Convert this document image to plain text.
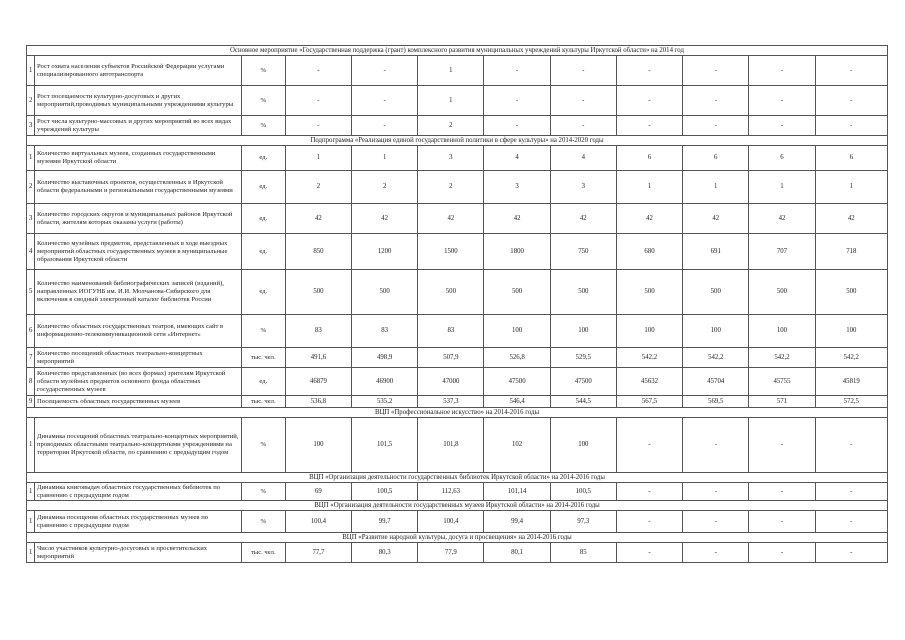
Основное мероприятие «Государственная поддержка (грант) комплексного развития муниципальных учреждений культуры Иркутской области» на 2014 год											
1	Рост охвата населения субъектов Российской Федерации услугами специализированного автотранспорта	%	-	-	1	-	-	-	-	-	-
2	Рост посещаемости культурно-досуговых и других мероприятий,проводимых муниципальными учреждениями культуры	%	-	-	1	-	-	-	-	-	-
3	Рост числа культурно-массовых и других мероприятий во всех видах учреждений культуры	%	-	-	2	-	-	-	-	-	-
Подпрограмма «Реализация единой государственной политики в сфере культуры» на 2014-2020 годы											
1	Количество виртуальных музеев, созданных государственными музеями Иркутской области	ед.	1	1	3	4	4	6	6	6	6
2	Количество выставочных проектов, осуществленных в Иркутской области федеральными и региональными государственными музеями	ед.	2	2	2	3	3	1	1	1	1
3	Количество городских округов и муниципальных районов Иркутской области, жителям которых оказаны услуги (работы)	ед.	42	42	42	42	42	42	42	42	42
4	Количество музейных предметов, представленных в ходе выездных мероприятий областных государственных музеев в муниципальные образования Иркутской области	ед.	850	1200	1500	1800	750	680	691	707	718
5	Количество наименований библиографических записей (изданий), направленных ИОГУНБ им. И.И. Молчанова-Сибирского для включения в сводный электронный каталог библиотек России	ед.	500	500	500	500	500	500	500	500	500
6	Количество областных государственных театров, имеющих сайт в информационно-телекоммуникационной сети «Интернет»	%	83	83	83	100	100	100	100	100	100
7	Количество посещений областных театрально-концертных мероприятий	тыс. чел.	491,6	498,9	507,9	526,8	529,5	542,2	542,2	542,2	542,2
8	Количество представленных (во всех формах) зрителям Иркутской области музейных предметов основного фонда областных государственных музеев	ед.	46879	46900	47000	47500	47500	45632	45704	45755	45819
9	Посещаемость областных государственных музеев	тыс. чел.	536,8	535,2	537,3	546,4	544,5	567,5	569,5	571	572,5
ВЦП «Профессиональное искусство» на 2014-2016 годы											
1	Динамика посещений областных театрально-концертных мероприятий, проводимых областными театрально-концертными учреждениями на территории Иркутской области, по сравнению с предыдущим годом	%	100	101,5	101,8	102	100	-	-	-	-
ВЦП «Организация деятельности государственных библиотек Иркутской области» на 2014-2016 годы											
1	Динамика книговыдач областных государственных библиотек по сравнению с предыдущим годом	%	69	100,5	112,63	101,14	100,5	-	-	-	-
ВЦП «Организация деятельности государственных музеев Иркутской области» на 2014-2016 годы											
1	Динамика посещения областных государственных музеев по сравнению с предыдущим годом	%	100,4	99,7	100,4	99,4	97,3	-	-	-	-
ВЦП «Развитие народной культуры, досуга и просвещения» на 2014-2016 годы											
1	Число участников культурно-досуговых и просветительских мероприятий	тыс. чел.	77,7	80,3	77,9	80,1	85	-	-	-	-
